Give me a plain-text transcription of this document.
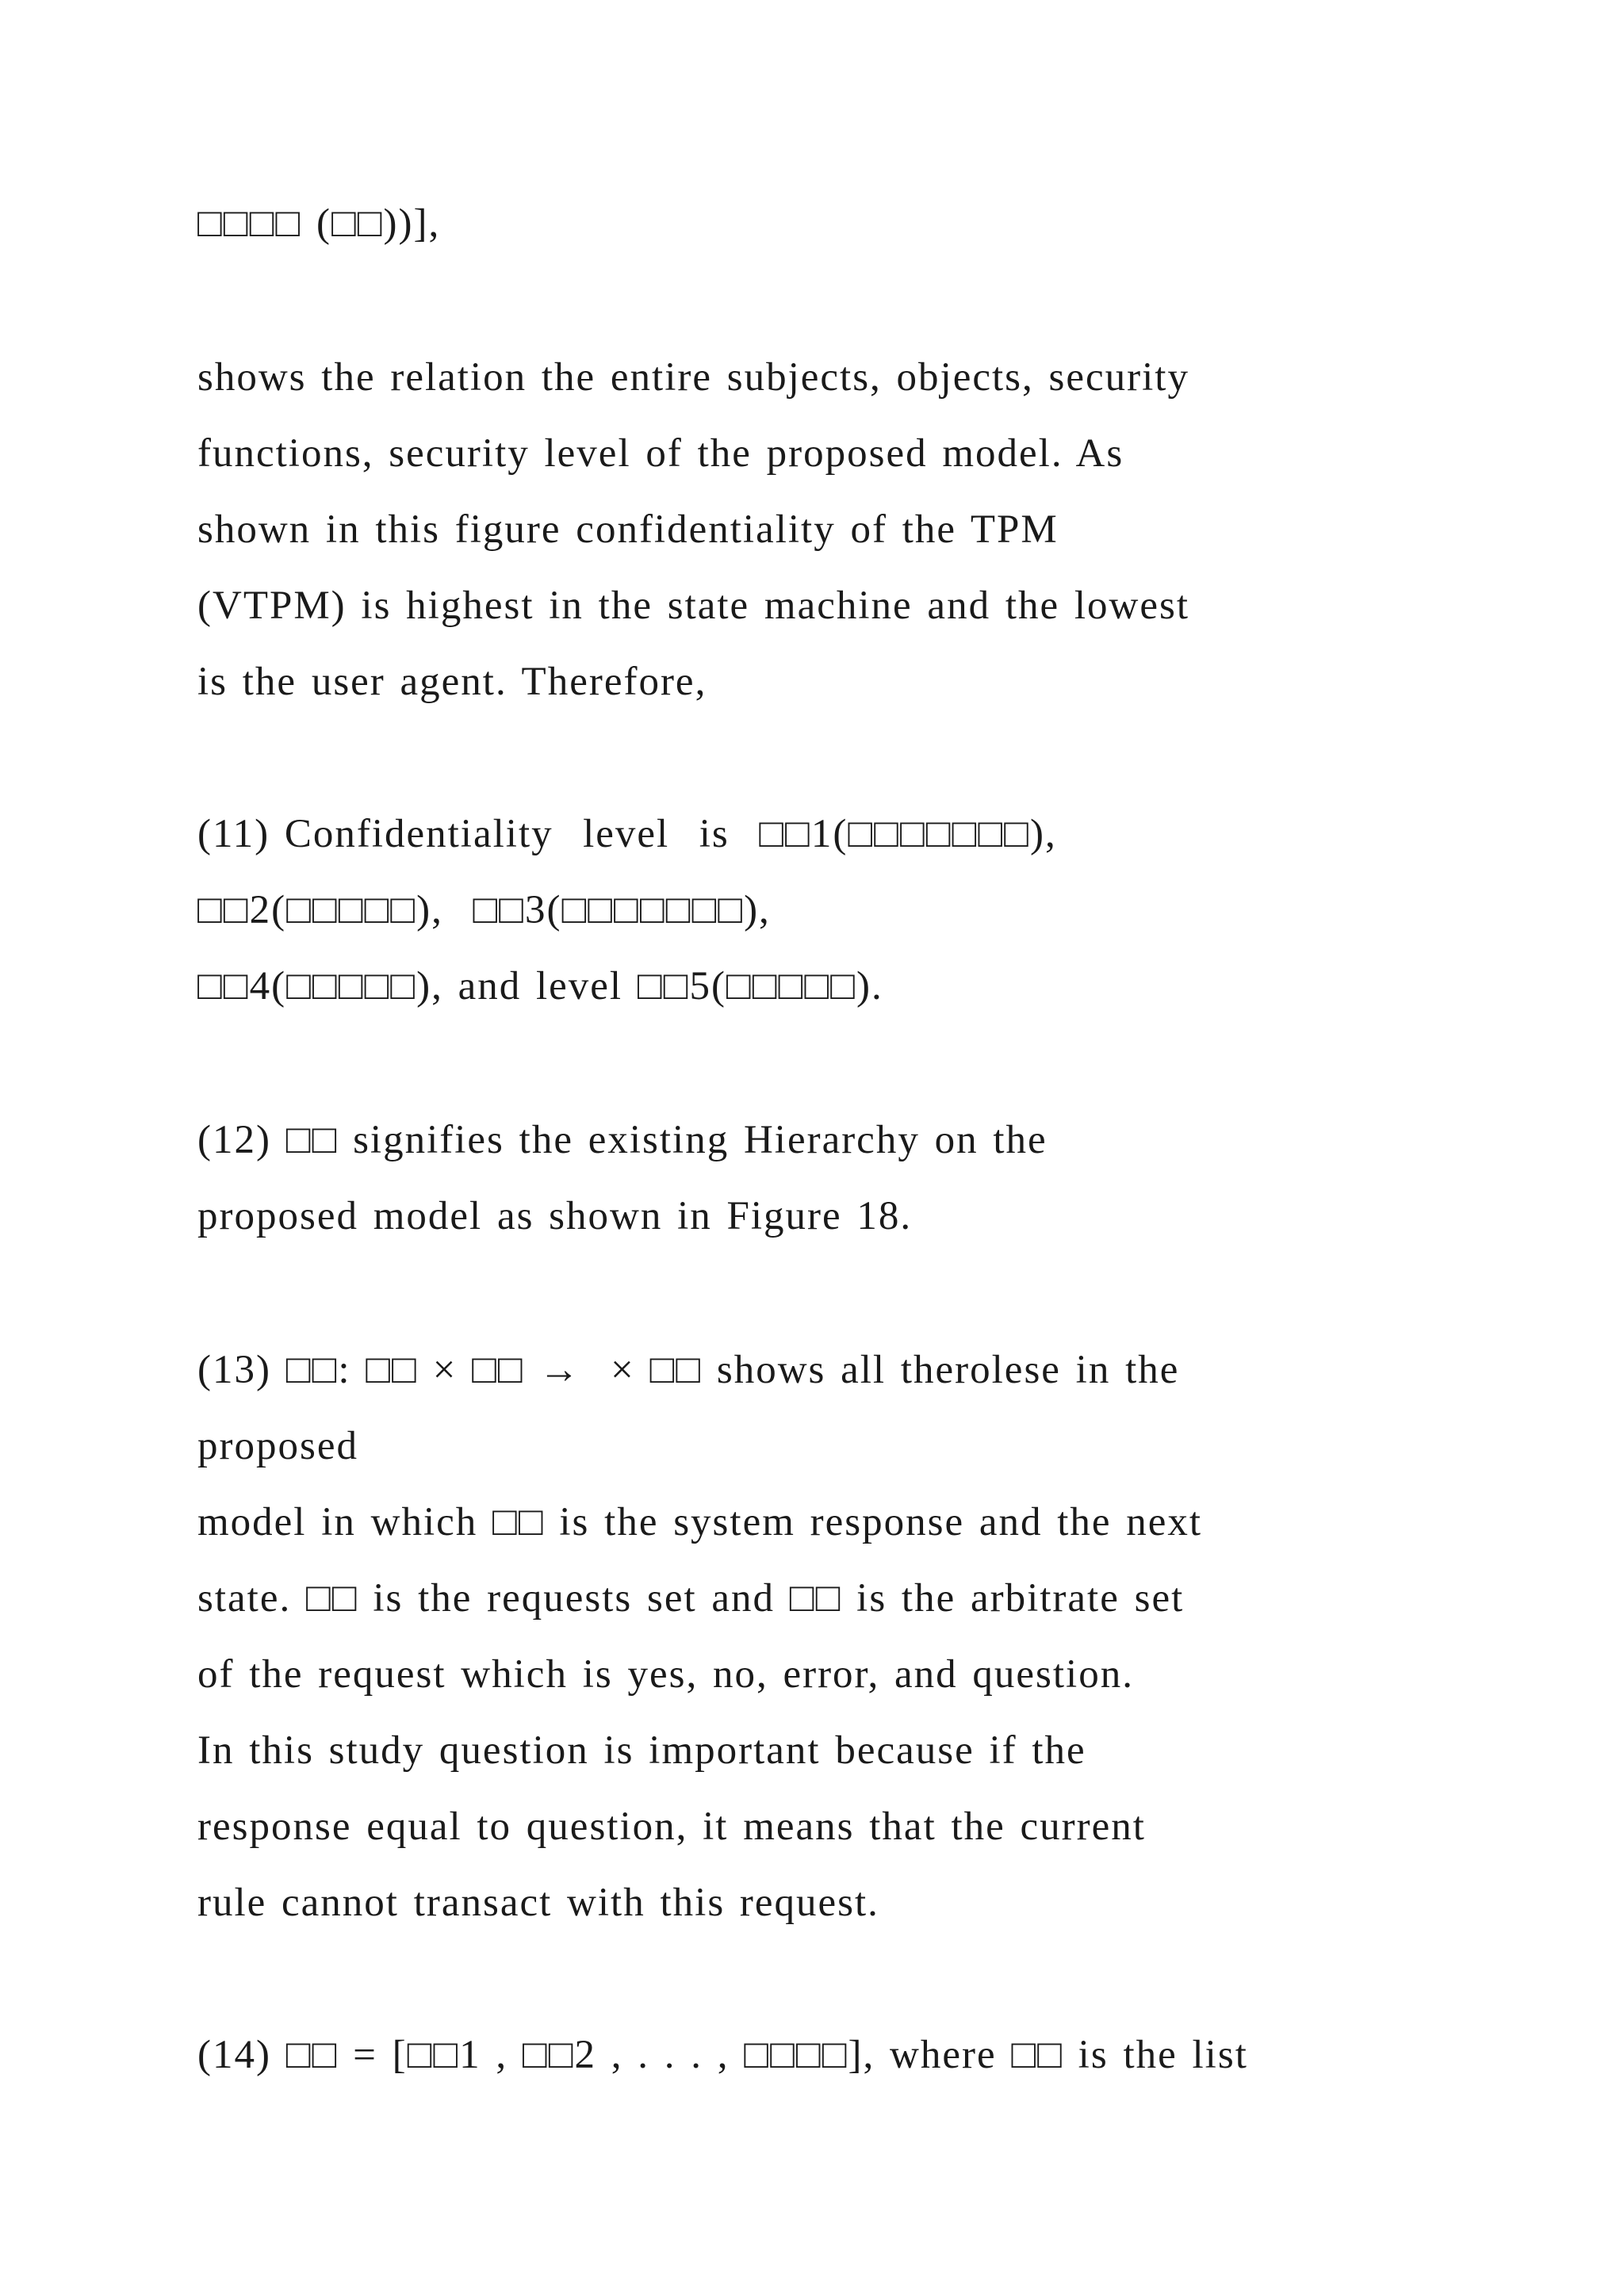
□□□□ (□□))],
shows the relation the entire subjects, objects, security
functions, security level of the proposed model. As
shown in this figure confidentiality of the TPM
(VTPM) is highest in the state machine and the lowest
is the user agent. Therefore,
(11) Confidentiality  level  is  □□1(□□□□□□□),
□□2(□□□□□),  □□3(□□□□□□□),
□□4(□□□□□), and level □□5(□□□□□).
(12) □□ signifies the existing Hierarchy on the
proposed model as shown in Figure 18.
(13) □□: □□ × □□ →  × □□ shows all therolese in the
proposed
model in which □□ is the system response and the next
state. □□ is the requests set and □□ is the arbitrate set
of the request which is yes, no, error, and question.
In this study question is important because if the
response equal to question, it means that the current
rule cannot transact with this request.
(14) □□ = [□□1 , □□2 , . . . , □□□□], where □□ is the list
